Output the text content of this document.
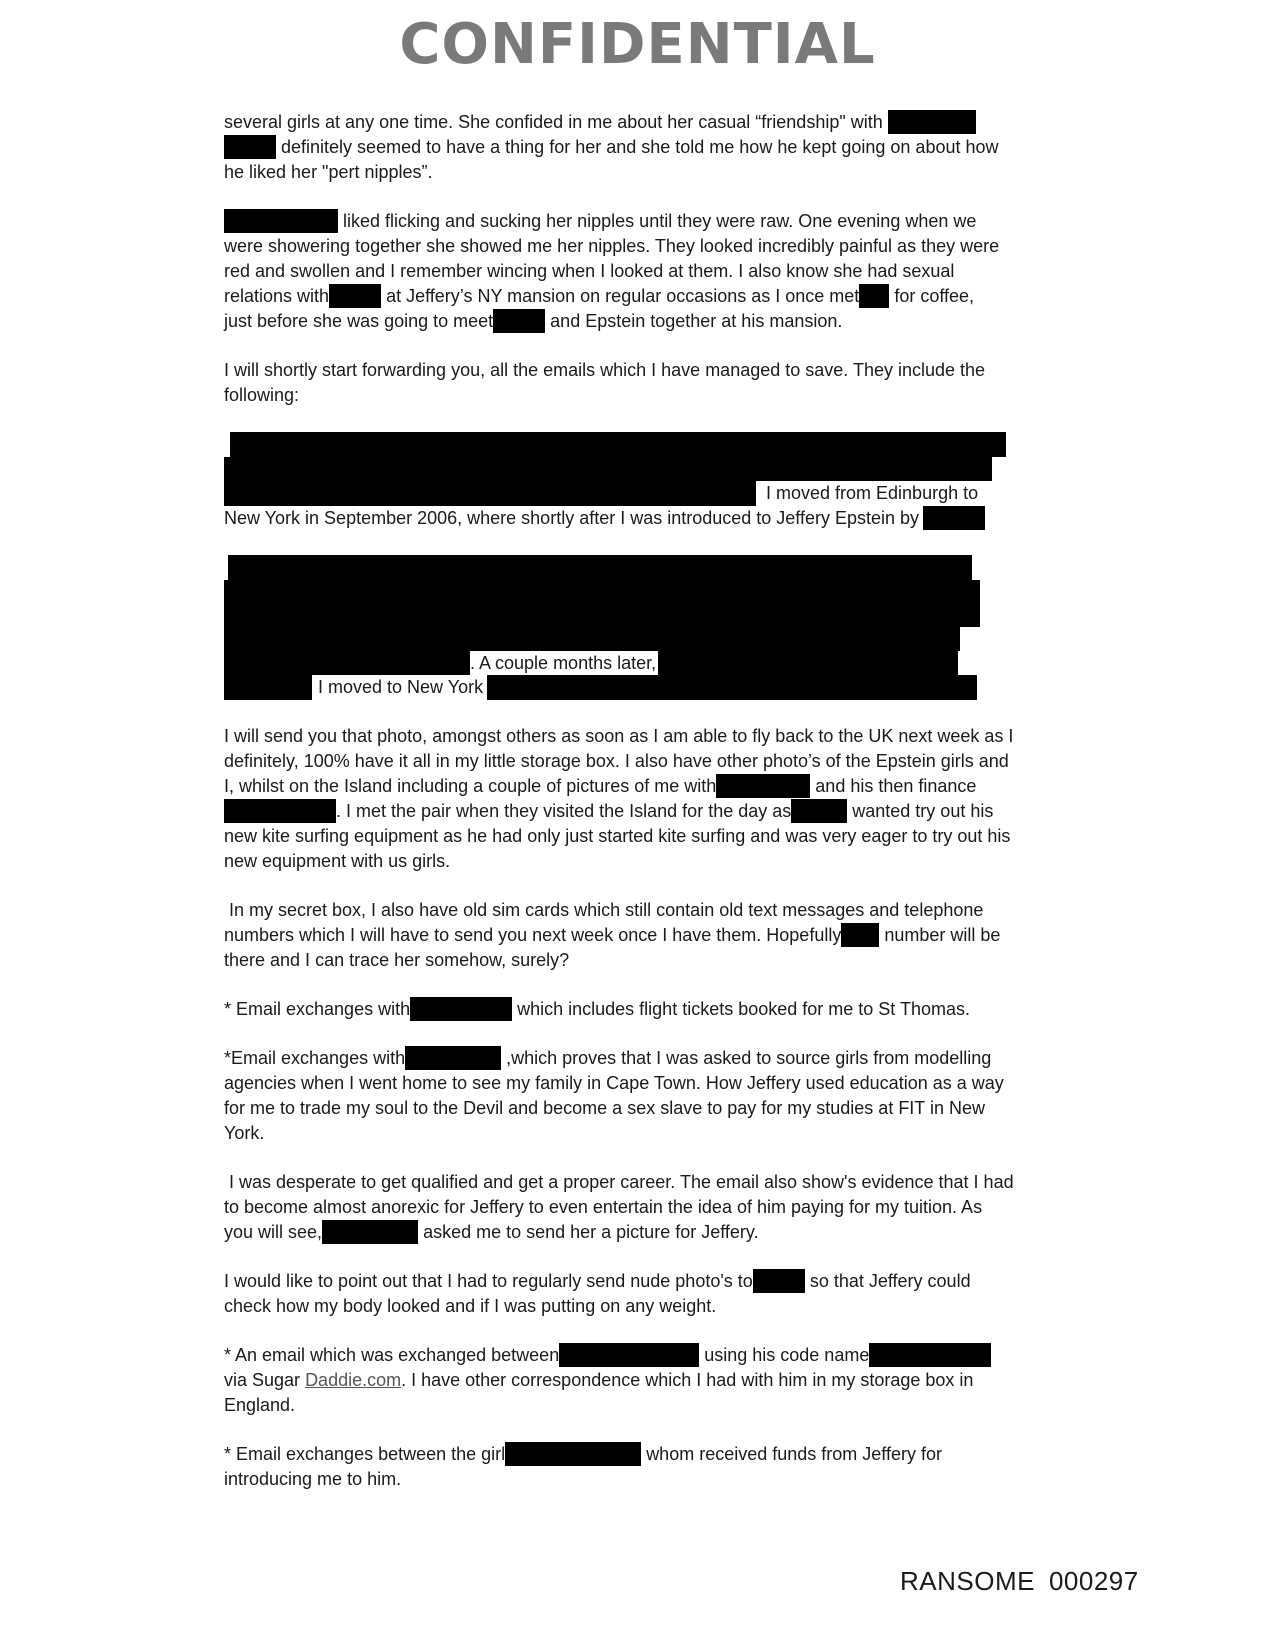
CONFIDENTIAL

several girls at any one time. She confided in me about her casual “friendship" with
definitely seemed to have a thing for her and she told me how he kept going on about how
he liked her "pert nipples”.

liked flicking and sucking her nipples until they were raw. One evening when we
were showering together she showed me her nipples. They looked incredibly painful as they were
red and swollen and I remember wincing when I looked at them. I also know she had sexual
relations with	at Jeffery’s NY mansion on regular occasions as I once met for coffee,
just before she was going to meet	and Epstein together at his mansion.

I will shortly start forwarding you, all the emails which I have managed to save. They include the
following:

I moved from Edinburgh to
New York in September 2006, where shortly after I was introduced to Jeffery Epstein by
. A couple months later,
I moved to New York

I will send you that photo, amongst others as soon as I am able to fly back to the UK next week as I
definitely, 100% have it all in my little storage box. I also have other photo’s of the Epstein girls and
I, whilst on the Island including a couple of pictures of me with	and his then finance
. I met the pair when they visited the Island for the day as	wanted try out his
new kite surfing equipment as he had only just started kite surfing and was very eager to try out his
new equipment with us girls.

In my secret box, I also have old sim cards which still contain old text messages and telephone
numbers which I will have to send you next week once I have them. Hopefully number will be
there and I can trace her somehow, surely?

* Email exchanges with	which includes flight tickets booked for me to St Thomas.

*Email exchanges with	,which proves that I was asked to source girls from modelling
agencies when I went home to see my family in Cape Town. How Jeffery used education as a way
for me to trade my soul to the Devil and become a sex slave to pay for my studies at FIT in New
York.

I was desperate to get qualified and get a proper career. The email also show's evidence that I had
to become almost anorexic for Jeffery to even entertain the idea of him paying for my tuition. As
you will see,	asked me to send her a picture for Jeffery.

I would like to point out that I had to regularly send nude photo's to	so that Jeffery could
check how my body looked and if I was putting on any weight.

* An email which was exchanged between	using his code name
via Sugar Daddie.com. I have other correspondence which I had with him in my storage box in
England.

* Email exchanges between the girl	whom received funds from Jeffery for
introducing me to him.

RANSOME 000297
